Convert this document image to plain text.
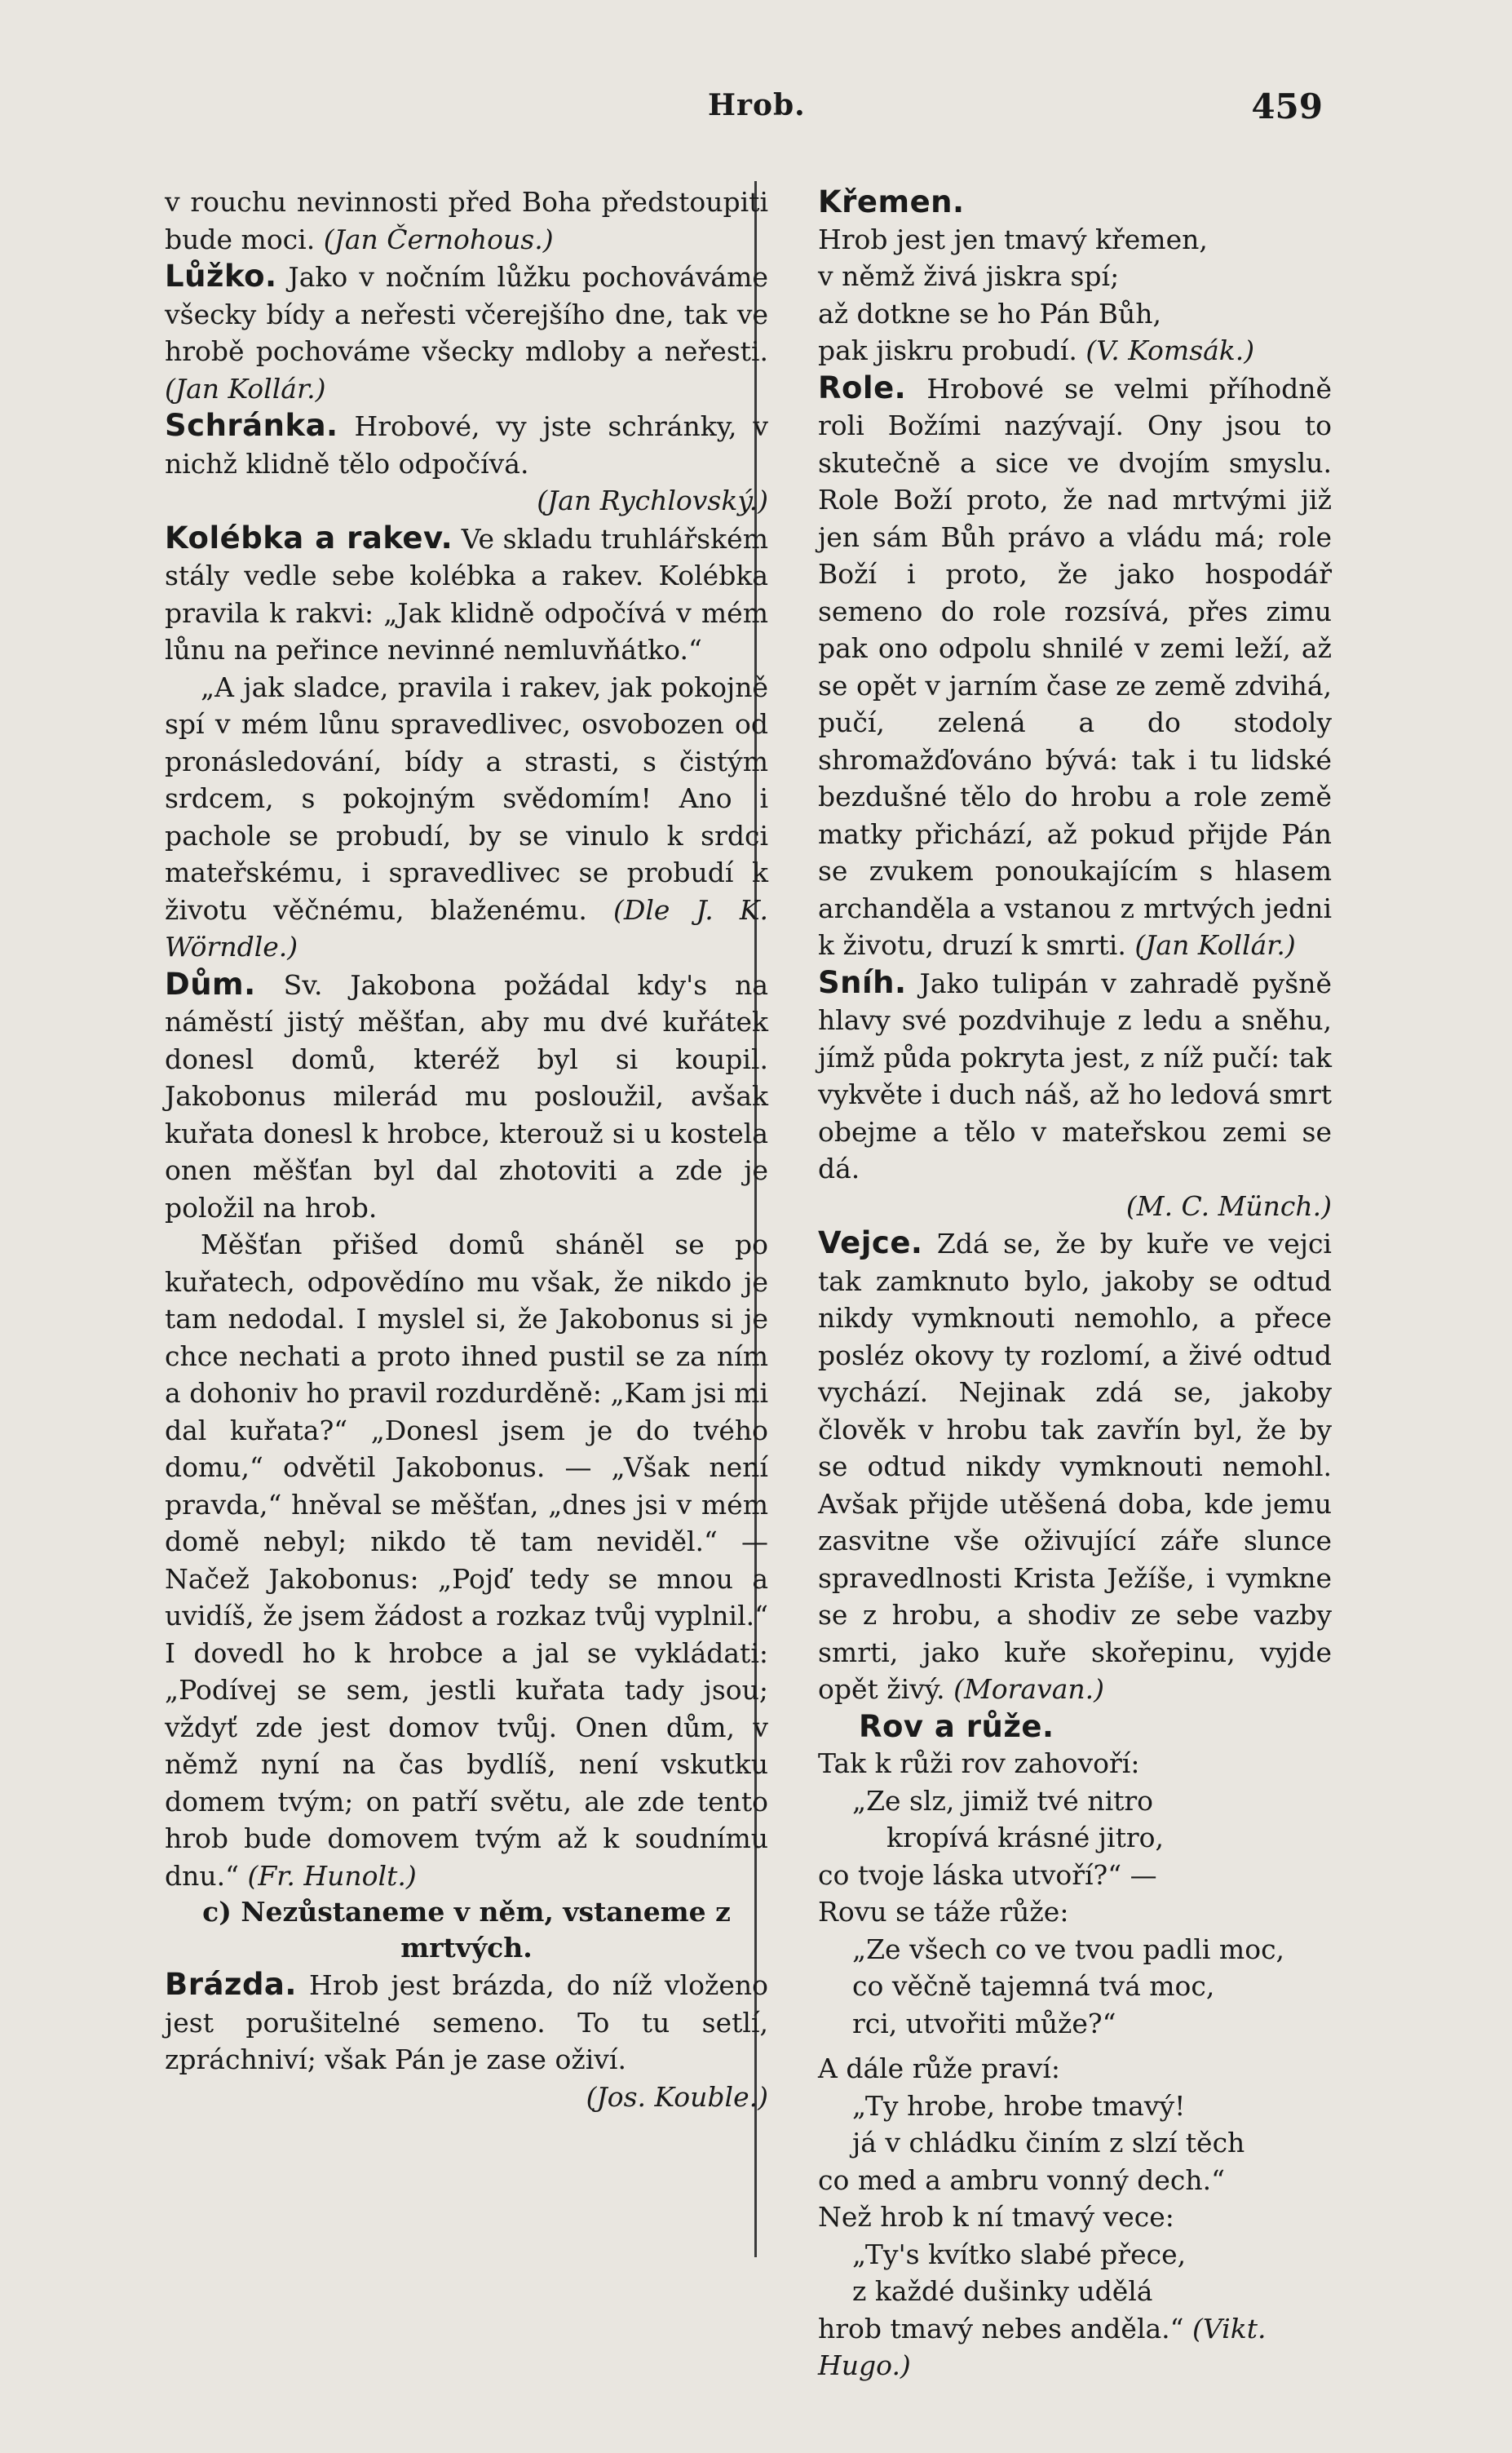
Hrob.	459

v rouchu nevinnosti před Boha předstoupiti bude moci. (Jan Černohous.)

Lůžko. Jako v nočním lůžku pochováváme všecky bídy a neřesti včerejšího dne, tak ve hrobě pochováme všecky mdloby a neřesti. (Jan Kollár.)

Schránka. Hrobové, vy jste schránky, v nichž klidně tělo odpočívá.

(Jan Rychlovský.)

Kolébka a rakev. Ve skladu truhlářském stály vedle sebe kolébka a rakev. Kolébka pravila k rakvi: „Jak klidně odpočívá v mém lůnu na peřince nevinné nemluvňátko.“

„A jak sladce, pravila i rakev, jak pokojně spí v mém lůnu spravedlivec, osvobozen od pronásledování, bídy a strasti, s čistým srdcem, s pokojným svědomím! Ano i pachole se probudí, by se vinulo k srdci mateřskému, i spravedlivec se probudí k životu věčnému, blaženému. (Dle J. K. Wörndle.)

Dům. Sv. Jakobona požádal kdy's na náměstí jistý měšťan, aby mu dvé kuřátek donesl domů, kteréž byl si koupil. Jakobonus milerád mu posloužil, avšak kuřata donesl k hrobce, kterouž si u kostela onen měšťan byl dal zhotoviti a zde je položil na hrob.

Měšťan přišed domů sháněl se po kuřatech, odpovědíno mu však, že nikdo je tam nedodal. I myslel si, že Jakobonus si je chce nechati a proto ihned pustil se za ním a dohoniv ho pravil rozdurděně: „Kam jsi mi dal kuřata?“ „Donesl jsem je do tvého domu,“ odvětil Jakobonus. — „Však není pravda,“ hněval se měšťan, „dnes jsi v mém domě nebyl; nikdo tě tam neviděl.“ — Načež Jakobonus: „Pojď tedy se mnou a uvidíš, že jsem žádost a rozkaz tvůj vyplnil.“ I dovedl ho k hrobce a jal se vykládati: „Podívej se sem, jestli kuřata tady jsou; vždyť zde jest domov tvůj. Onen dům, v němž nyní na čas bydlíš, není vskutku domem tvým; on patří světu, ale zde tento hrob bude domovem tvým až k soudnímu dnu.“ (Fr. Hunolt.)

c) Nezůstaneme v něm, vstaneme z mrtvých.

Brázda. Hrob jest brázda, do níž vloženo jest porušitelné semeno. To tu setlí, zpráchniví; však Pán je zase oživí.

(Jos. Kouble.)

Křemen.

Hrob jest jen tmavý křemen,

v němž živá jiskra spí;

až dotkne se ho Pán Bůh,

pak jiskru probudí. (V. Komsák.)

Role. Hrobové se velmi příhodně roli Božími nazývají. Ony jsou to skutečně a sice ve dvojím smyslu. Role Boží proto, že nad mrtvými již jen sám Bůh právo a vládu má; role Boží i proto, že jako hospodář semeno do role rozsívá, přes zimu pak ono odpolu shnilé v zemi leží, až se opět v jarním čase ze země zdvihá, pučí, zelená a do stodoly shromažďováno bývá: tak i tu lidské bezdušné tělo do hrobu a role země matky přichází, až pokud přijde Pán se zvukem ponoukajícím s hlasem archanděla a vstanou z mrtvých jedni k životu, druzí k smrti. (Jan Kollár.)

Sníh. Jako tulipán v zahradě pyšně hlavy své pozdvihuje z ledu a sněhu, jímž půda pokryta jest, z níž pučí: tak vykvěte i duch náš, až ho ledová smrt obejme a tělo v mateřskou zemi se dá.

(M. C. Münch.)

Vejce. Zdá se, že by kuře ve vejci tak zamknuto bylo, jakoby se odtud nikdy vymknouti nemohlo, a přece posléz okovy ty rozlomí, a živé odtud vychází. Nejinak zdá se, jakoby člověk v hrobu tak zavřín byl, že by se odtud nikdy vymknouti nemohl. Avšak přijde utěšená doba, kde jemu zasvitne vše oživující záře slunce spravedlnosti Krista Ježíše, i vymkne se z hrobu, a shodiv ze sebe vazby smrti, jako kuře skořepinu, vyjde opět živý. (Moravan.)

Rov a růže.

Tak k růži rov zahovoří:

„Ze slz, jimiž tvé nitro

kropívá krásné jitro,

co tvoje láska utvoří?“ —

Rovu se táže růže:

„Ze všech co ve tvou padli moc,

co věčně tajemná tvá moc,

rci, utvořiti může?“

A dále růže praví:

„Ty hrobe, hrobe tmavý!

já v chládku činím z slzí těch

co med a ambru vonný dech.“

Než hrob k ní tmavý vece:

„Ty's kvítko slabé přece,

z každé dušinky udělá

hrob tmavý nebes anděla.“ (Vikt. Hugo.)
